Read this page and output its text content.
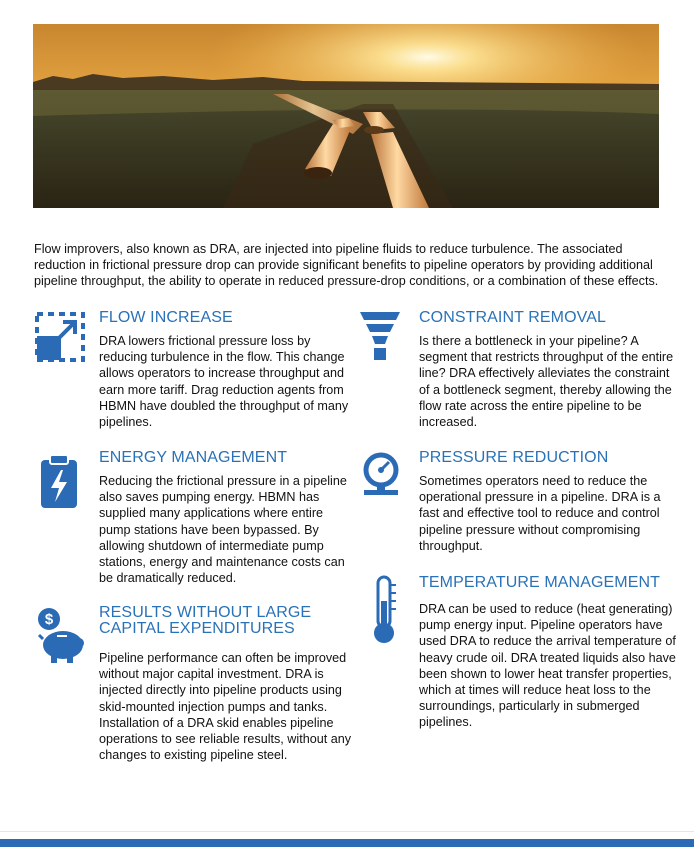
Flow improvers, also known as DRA, are injected into pipeline fluids to reduce turbulence. The associated reduction in frictional pressure drop can provide significant benefits to pipeline operators by providing additional pipeline throughput, the ability to operate in reduced pressure-drop conditions, or a combination of these effects.

FLOW INCREASE

DRA lowers frictional pressure loss by reducing turbulence in the flow. This change allows operators to increase throughput and earn more tariff. Drag reduction agents from HBMN have doubled the throughput of many pipelines.

CONSTRAINT REMOVAL

Is there a bottleneck in your pipeline? A segment that restricts throughput of the entire line? DRA effectively alleviates the constraint of a bottleneck segment, thereby allowing the flow rate across the entire pipeline to be increased.

ENERGY MANAGEMENT

Reducing the frictional pressure in a pipeline also saves pumping energy. HBMN has supplied many applications where entire pump stations have been bypassed. By allowing shutdown of intermediate pump stations, energy and maintenance costs can be dramatically reduced.

PRESSURE REDUCTION

Sometimes operators need to reduce the operational pressure in a pipeline. DRA is a fast and effective tool to reduce and control pipeline pressure without compromising throughput.

$	RESULTS WITHOUT LARGE
CAPITAL EXPENDITURES

Pipeline performance can often be improved without major capital investment. DRA is injected directly into pipeline products using skid-mounted injection pumps and tanks. Installation of a DRA skid enables pipeline operations to see reliable results, without any changes to existing pipeline steel.

TEMPERATURE MANAGEMENT

DRA can be used to reduce (heat generating) pump energy input. Pipeline operators have used DRA to reduce the arrival temperature of heavy crude oil. DRA treated liquids also have been shown to lower heat transfer properties, which at times will reduce heat loss to the surroundings, particularly in submerged pipelines.
